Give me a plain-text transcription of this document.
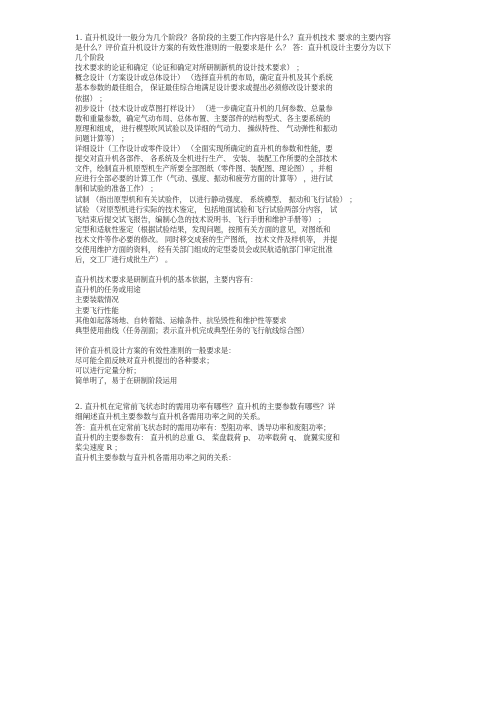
1. 直升机设计一般分为几个阶段？各阶段的主要工作内容是什么？直升机技术 要求的主要内容
是什么？评价直升机设计方案的有效性准则的一般要求是什 么？ 答：直升机设计主要分为以下
几个阶段
技术要求的论证和确定（论证和确定对所研制新机的设计技术要求） ；
概念设计（方案设计或总体设计） （选择直升机的布局，确定直升机及其个系统
基本参数的最佳组合， 保证最佳综合地满足设计要求或提出必须修改设计要求的
依据） ；
初步设计（技术设计或草图打样设计） （进一步确定直升机的几何参数、总量参
数和重量参数，确定气动布局、总体布置、主要部件的结构型式、各主要系统的
原理和组成， 进行模型吹风试验以及详细的气动力、 操纵特性、 气动弹性和振动
问题计算等） ；
详细设计（工作设计或零件设计） （全面实现所确定的直升机的参数和性能，要
提交对直升机各部件、 各系统及全机进行生产、 安装、 装配工作所要的全部技术
文件，绘制直升机原型机生产所要全部图纸（零件图、装配图、理论图） ，并相
应进行全部必要的计算工作（气动、强度、振动和疲劳方面的计算等） ，进行试
制和试验的准备工作） ；
试制 （指出原型机和有关试验件， 以进行静动强度、 系统模型、 振动和飞行试验） ；
试验 （对原型机进行实际的技术鉴定， 包括地面试验和飞行试验两部分内容， 试
飞结束后提交试飞报告，编制心急的技术说明书、飞行手册和维护手册等） ；
定型和适航性鉴定（根据试验结果，发现问题，按照有关方面的意见，对图纸和
技术文件等作必要的修改。 同时移交成套的生产图纸， 技术文件及样机等， 并提
交使用维护方面的资料， 经有关部门组成的定型委员会或民航适航部门审定批准
后，交工厂进行成批生产） 。
直升机技术要求是研制直升机的基本依据，主要内容有：
直升机的任务或用途
主要装载情况
主要飞行性能
其他如起落场地、自转着陆、运输条件、抗坠毁性和维护性等要求
典型使用曲线（任务剖面；表示直升机完成典型任务的飞行航线综合图）
评价直升机设计方案的有效性准则的一般要求是：
尽可能全面反映对直升机提出的各种要求；
可以进行定量分析；
简单明了，易于在研制阶段运用
2. 直升机在定常前飞状态时的需用功率有哪些？直升机的主要参数有哪些？详
细阐述直升机主要参数与直升机各需用功率之间的关系。
答：直升机在定常前飞状态时的需用功率有：型阻功率、诱导功率和废阻功率；
直升机的主要参数有： 直升机的总重 G、 桨盘载荷 p、 功率载荷 q、 旋翼实度和
桨尖速度 R ；
直升机主要参数与直升机各需用功率之间的关系：
